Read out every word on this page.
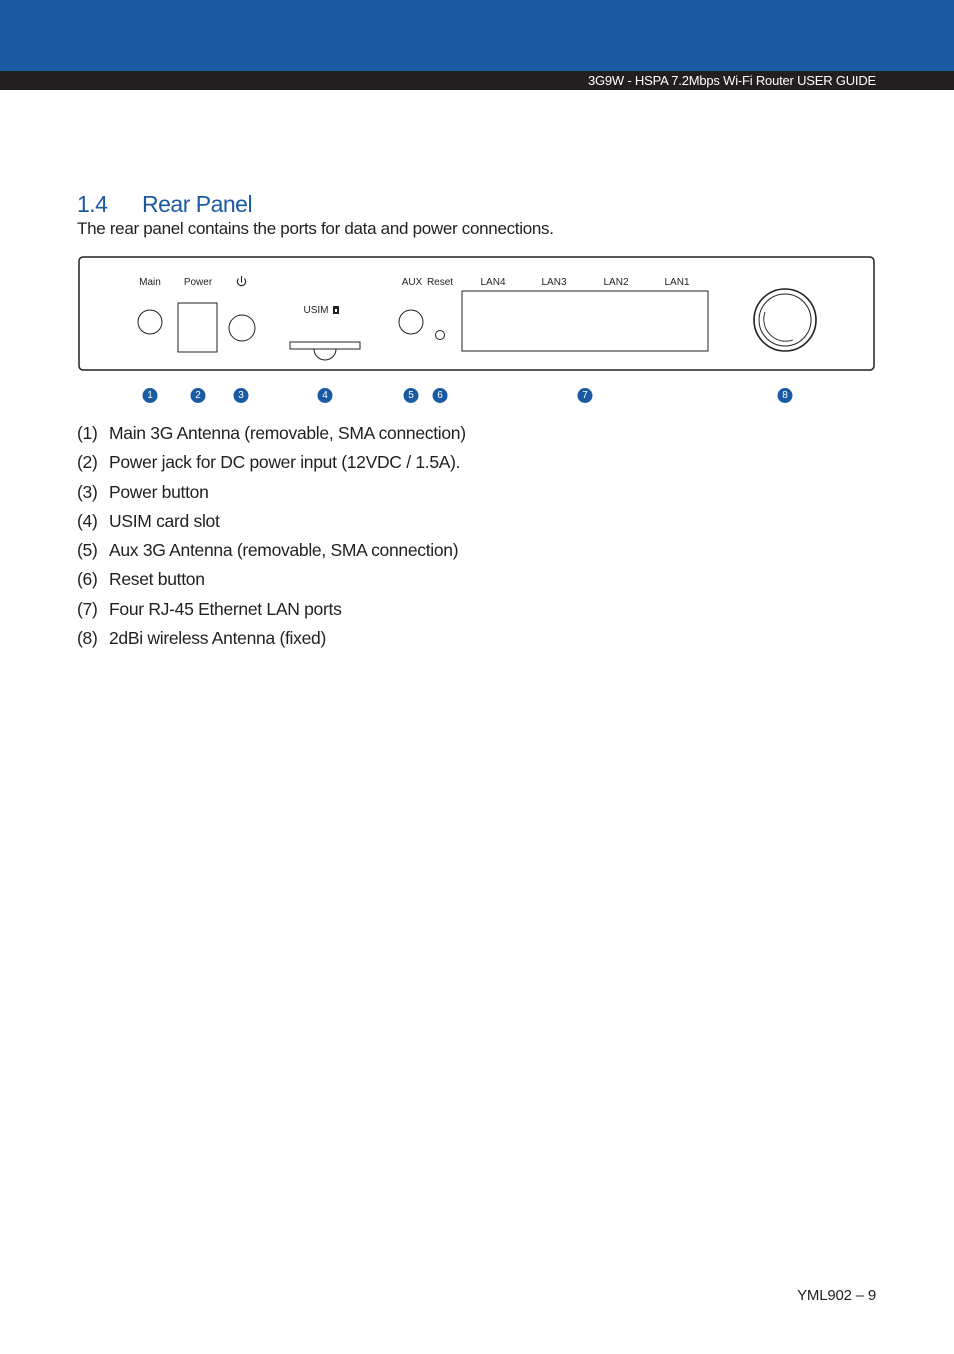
3G9W - HSPA 7.2Mbps Wi-Fi Router USER GUIDE
1.4 Rear Panel
The rear panel contains the ports for data and power connections.
Main Power
USIM
AUX Reset	LAN4	LAN3	LAN2	LAN1
1	2	3	4	5	6	7	8
(1) Main 3G Antenna (removable, SMA connection)
(2) Power jack for DC power input (12VDC / 1.5A).
(3) Power button
(4) USIM card slot
(5) Aux 3G Antenna (removable, SMA connection)
(6) Reset button
(7) Four RJ-45 Ethernet LAN ports
(8) 2dBi wireless Antenna (fixed)
YML902 – 9
